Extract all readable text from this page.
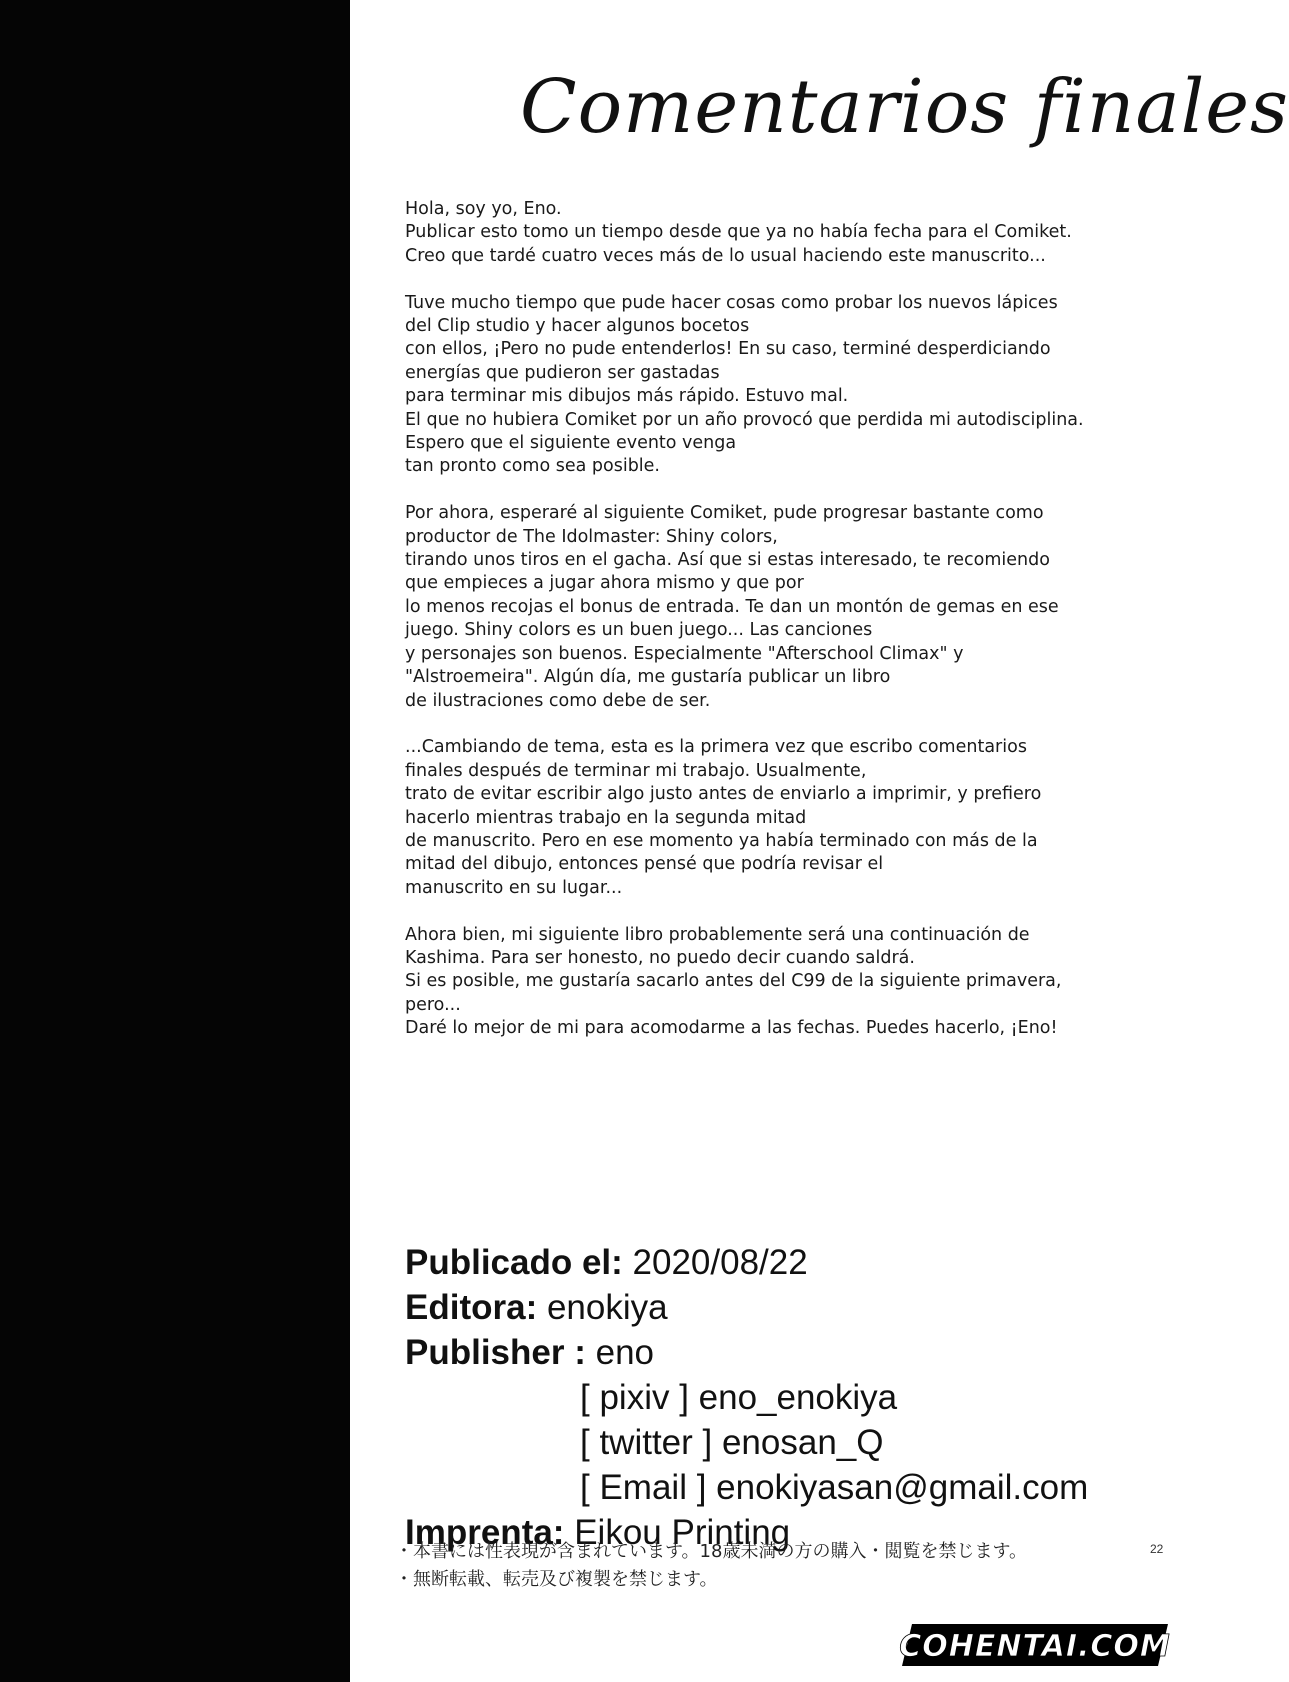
Comentarios finales
Hola, soy yo, Eno.
Publicar esto tomo un tiempo desde que ya no había fecha para el Comiket.
Creo que tardé cuatro veces más de lo usual haciendo este manuscrito...
Tuve mucho tiempo que pude hacer cosas como probar los nuevos lápices
del Clip studio y hacer algunos bocetos
con ellos, ¡Pero no pude entenderlos! En su caso, terminé desperdiciando
energías que pudieron ser gastadas
para terminar mis dibujos más rápido. Estuvo mal.
El que no hubiera Comiket por un año provocó que perdida mi autodisciplina.
Espero que el siguiente evento venga
tan pronto como sea posible.
Por ahora, esperaré al siguiente Comiket, pude progresar bastante como
productor de The Idolmaster: Shiny colors,
tirando unos tiros en el gacha. Así que si estas interesado, te recomiendo
que empieces a jugar ahora mismo y que por
lo menos recojas el bonus de entrada. Te dan un montón de gemas en ese
juego. Shiny colors es un buen juego... Las canciones
y personajes son buenos. Especialmente "Afterschool Climax" y
"Alstroemeira". Algún día, me gustaría publicar un libro
de ilustraciones como debe de ser.
...Cambiando de tema, esta es la primera vez que escribo comentarios
finales después de terminar mi trabajo. Usualmente,
trato de evitar escribir algo justo antes de enviarlo a imprimir, y prefiero
hacerlo mientras trabajo en la segunda mitad
de manuscrito. Pero en ese momento ya había terminado con más de la
mitad del dibujo, entonces pensé que podría revisar el
manuscrito en su lugar...
Ahora bien, mi siguiente libro probablemente será una continuación de
Kashima. Para ser honesto, no puedo decir cuando saldrá.
Si es posible, me gustaría sacarlo antes del C99 de la siguiente primavera,
pero...
Daré lo mejor de mi para acomodarme a las fechas. Puedes hacerlo, ¡Eno!
Publicado el: 2020/08/22
Editora: enokiya
Publisher : eno
[ pixiv ] eno_enokiya
[ twitter ] enosan_Q
[ Email ] enokiyasan@gmail.com
Imprenta: Eikou Printing
・本書には性表現が含まれています。18歳未満の方の購入・閲覧を禁じます。
・無断転載、転売及び複製を禁じます。
22
COHENTAI.COM
